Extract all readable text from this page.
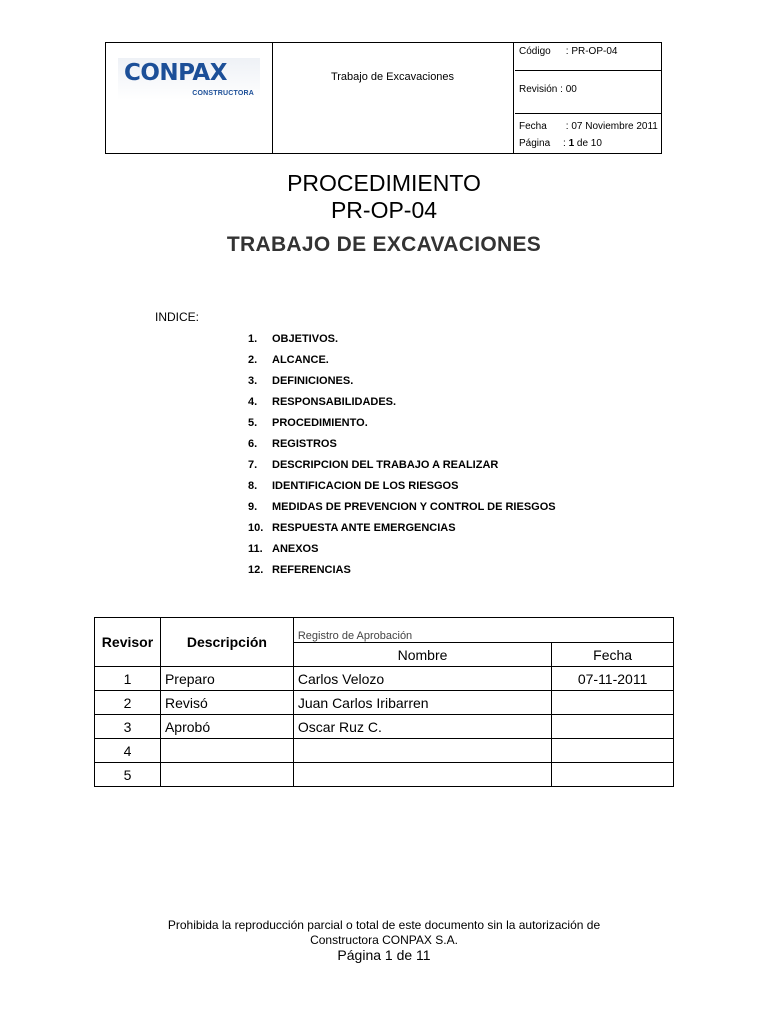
CONPAX
CONSTRUCTORA
Trabajo de Excavaciones
Código : PR-OP-04
Revisión : 00
Fecha : 07 Noviembre 2011
Página : 1 de 10
PROCEDIMIENTO
PR-OP-04
TRABAJO DE EXCAVACIONES
INDICE:
1. OBJETIVOS.
2. ALCANCE.
3. DEFINICIONES.
4. RESPONSABILIDADES.
5. PROCEDIMIENTO.
6. REGISTROS
7. DESCRIPCION DEL TRABAJO A REALIZAR
8. IDENTIFICACION DE LOS RIESGOS
9. MEDIDAS DE PREVENCION Y CONTROL DE RIESGOS
10. RESPUESTA ANTE EMERGENCIAS
11. ANEXOS
12. REFERENCIAS
Revisor	Descripción	Registro de Aprobación	
		Nombre	Fecha
1	Preparo	Carlos Velozo	07-11-2011
2	Revisó	Juan Carlos Iribarren	
3	Aprobó	Oscar Ruz C.	
4			
5			
Prohibida la reproducción parcial o total de este documento sin la autorización de
Constructora CONPAX S.A.
Página 1 de 11
